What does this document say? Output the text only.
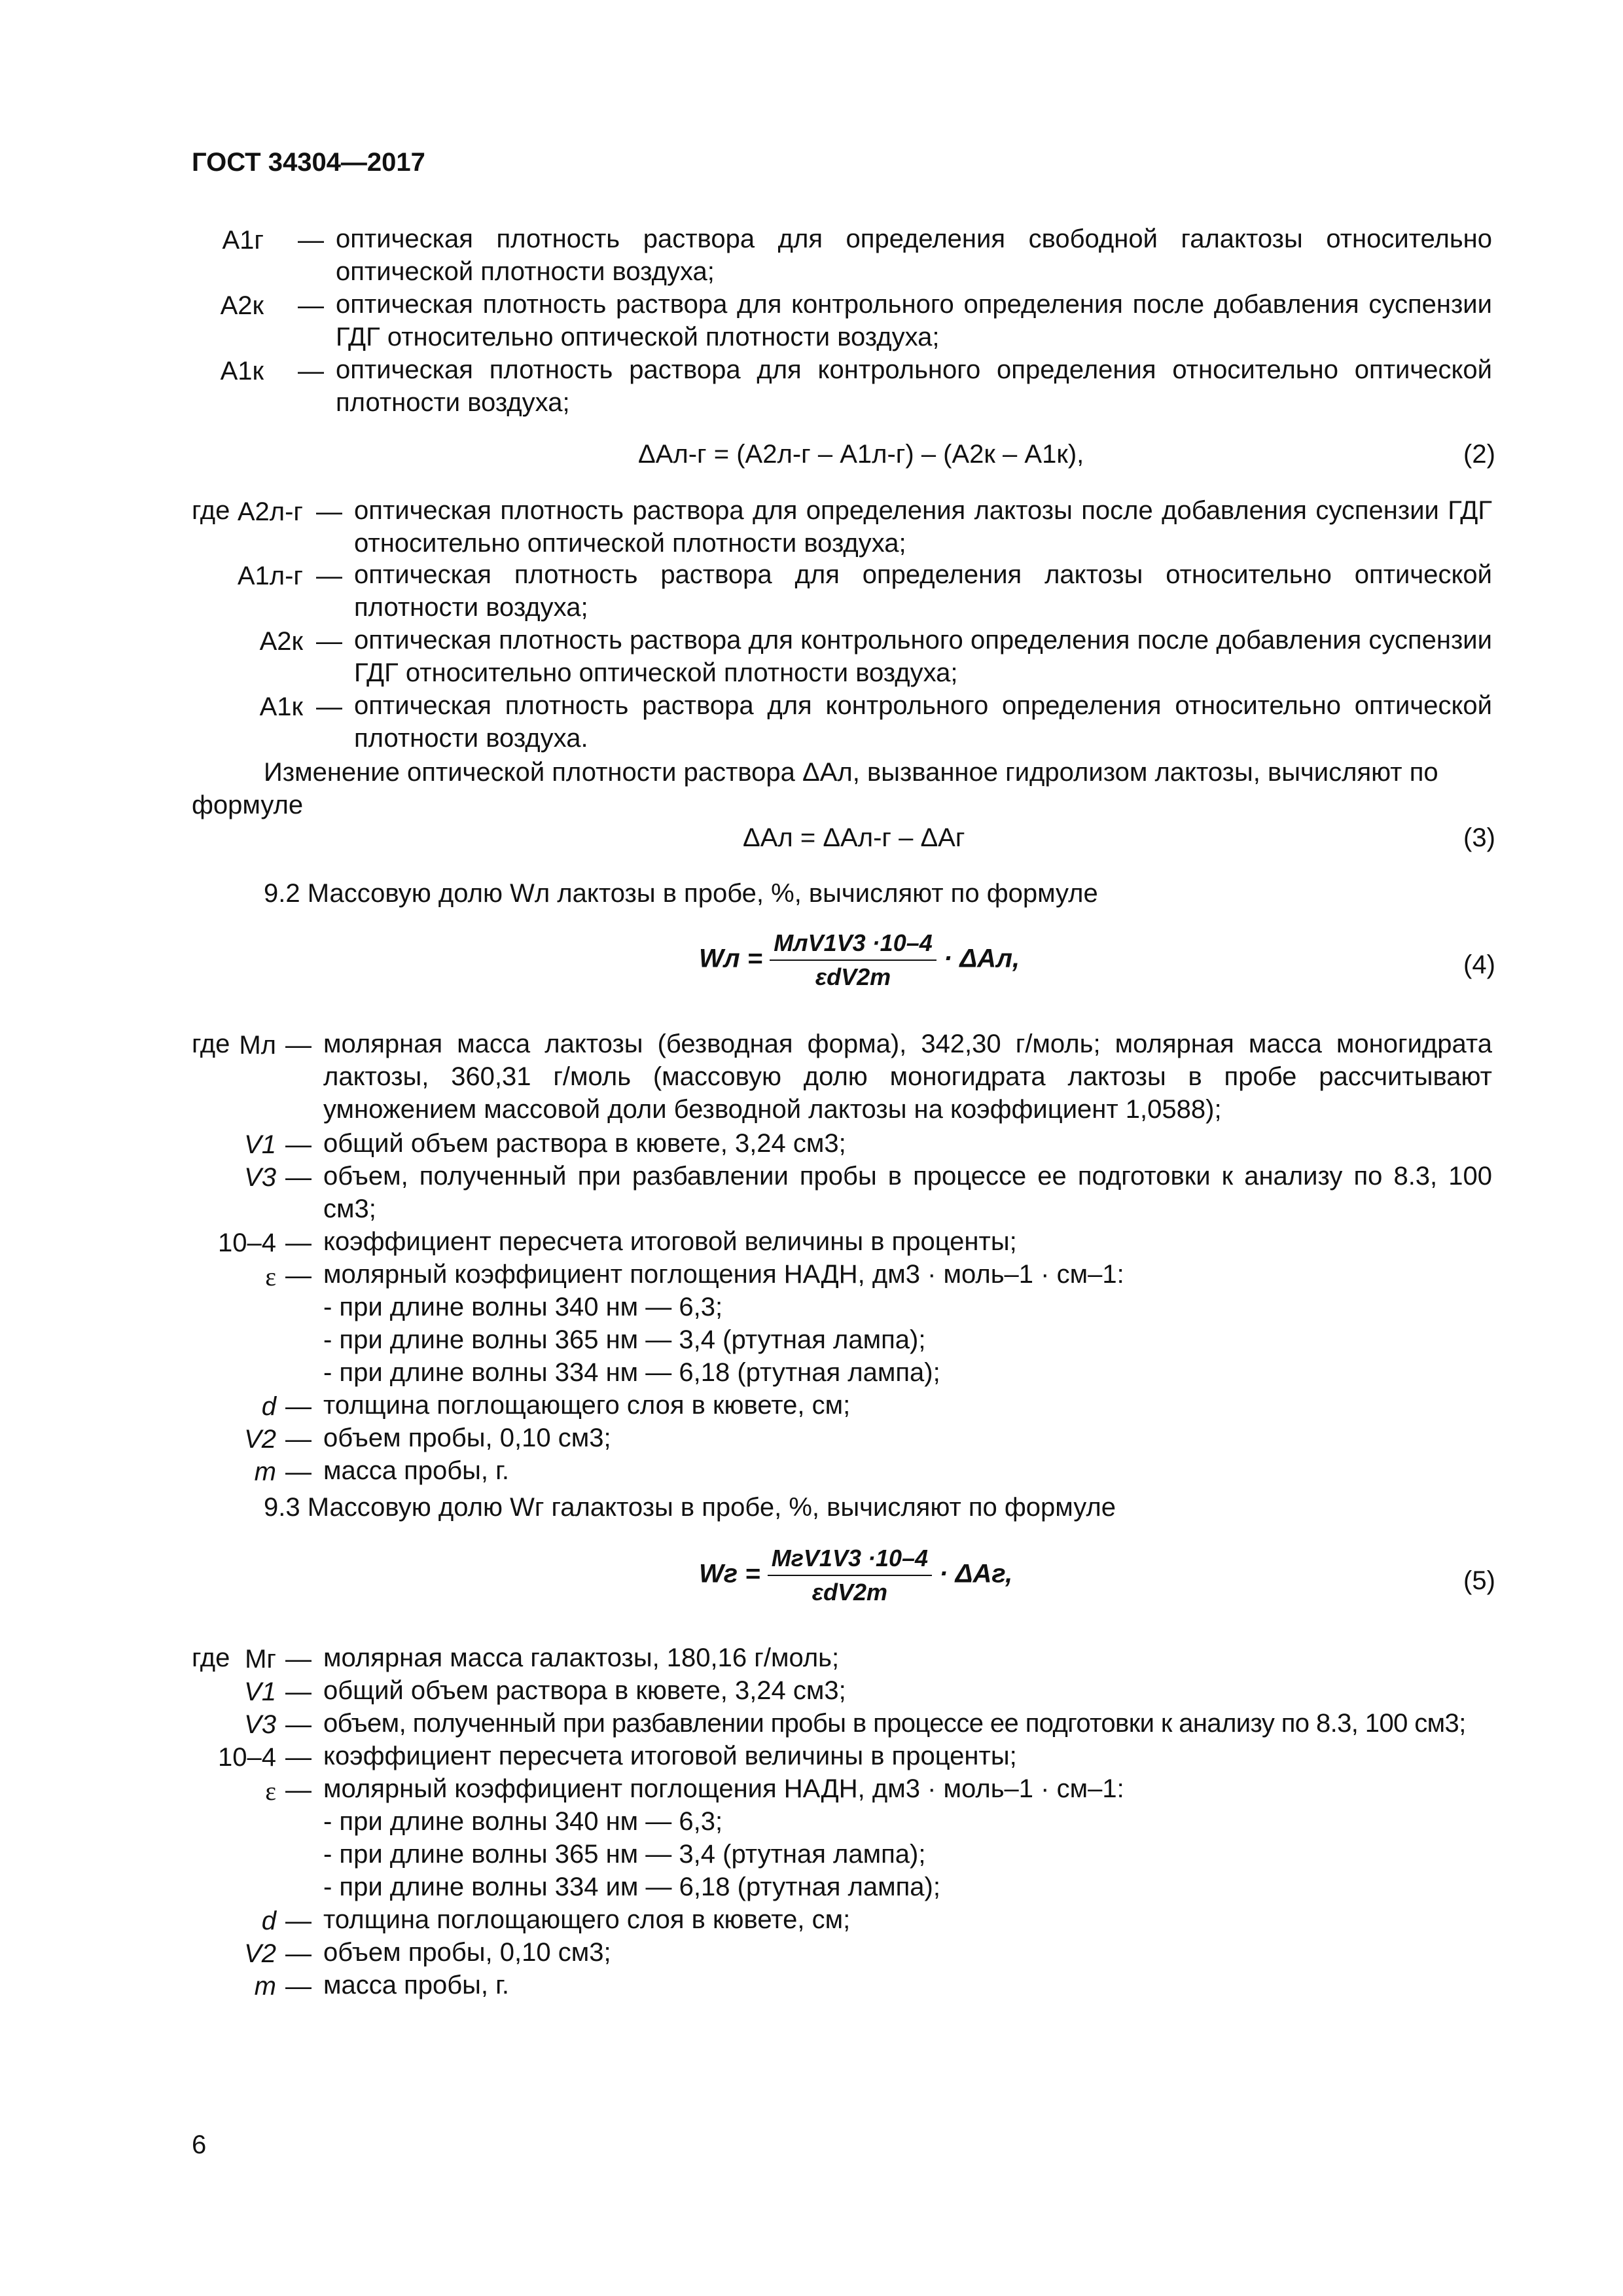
ГОСТ 34304—2017
A1г — оптическая плотность раствора для определения свободной галактозы относительно оптической плотности воздуха;
A2к — оптическая плотность раствора для контрольного определения после добавления суспензии ГДГ относительно оптической плотности воздуха;
A1к — оптическая плотность раствора для контрольного определения относительно оптической плотности воздуха;
ΔAл-г = (A2л-г – A1л-г) – (A2к – A1к),	(2)
где A2л-г — оптическая плотность раствора для определения лактозы после добавления суспензии ГДГ относительно оптической плотности воздуха;
A1л-г — оптическая плотность раствора для определения лактозы относительно оптической плотности воздуха;
A2к — оптическая плотность раствора для контрольного определения после добавления суспензии ГДГ относительно оптической плотности воздуха;
A1к — оптическая плотность раствора для контрольного определения относительно оптической плотности воздуха.
Изменение оптической плотности раствора ΔAл, вызванное гидролизом лактозы, вычисляют по формуле
ΔAл = ΔAл-г – ΔAг	(3)
9.2 Массовую долю Wл лактозы в пробе, %, вычисляют по формуле
Wл = $\frac{\text{MлV1V3 ·10–4}}{\text{εdV2m}} \cdot \Delta Aл$,	(4)
где Mл — молярная масса лактозы (безводная форма), 342,30 г/моль; молярная масса моногидрата лактозы, 360,31 г/моль (массовую долю моногидрата лактозы в пробе рассчитывают умножением массовой доли безводной лактозы на коэффициент 1,0588);
V1 — общий объем раствора в кювете, 3,24 см3;
V3 — объем, полученный при разбавлении пробы в процессе ее подготовки к анализу по 8.3, 100 см3;
10–4 — коэффициент пересчета итоговой величины в проценты;
ε — молярный коэффициент поглощения НАДН, дм3 · моль–1 · см–1:
- при длине волны 340 нм — 6,3;
- при длине волны 365 нм — 3,4 (ртутная лампа);
- при длине волны 334 нм — 6,18 (ртутная лампа);
d — толщина поглощающего слоя в кювете, см;
V2 — объем пробы, 0,10 см3;
m — масса пробы, г.
9.3 Массовую долю Wг галактозы в пробе, %, вычисляют по формуле
Wг = $\frac{\text{MгV1V3 ·10–4}}{\text{εdV2m}} \cdot \Delta Aг$,	(5)
где Mг — молярная масса галактозы, 180,16 г/моль;
V1 — общий объем раствора в кювете, 3,24 см3;
V3 — объем, полученный при разбавлении пробы в процессе ее подготовки к анализу по 8.3, 100 см3;
10–4 — коэффициент пересчета итоговой величины в проценты;
ε — молярный коэффициент поглощения НАДН, дм3 · моль–1 · см–1:
- при длине волны 340 нм — 6,3;
- при длине волны 365 нм — 3,4 (ртутная лампа);
- при длине волны 334 им — 6,18 (ртутная лампа);
d — толщина поглощающего слоя в кювете, см;
V2 — объем пробы, 0,10 см3;
m — масса пробы, г.
6
